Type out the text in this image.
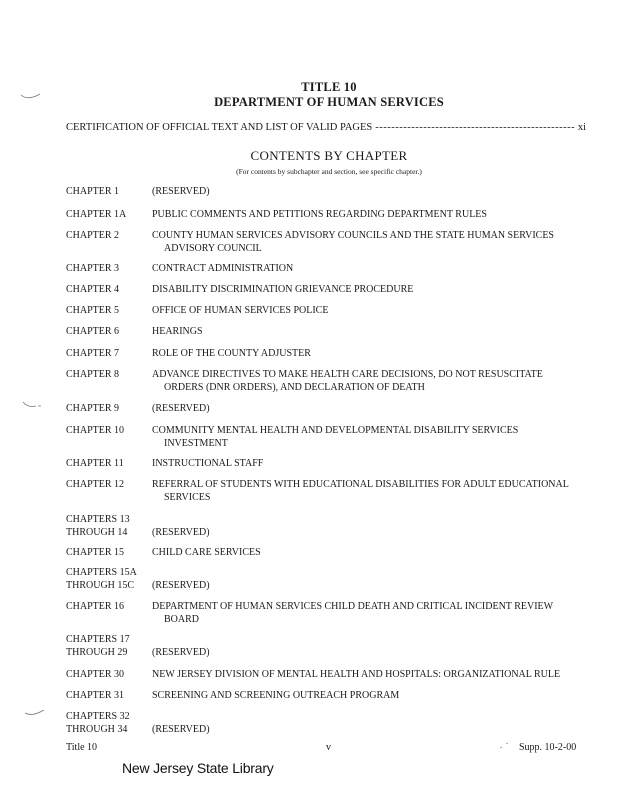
TITLE 10
DEPARTMENT OF HUMAN SERVICES
CERTIFICATION OF OFFICIAL TEXT AND LIST OF VALID PAGES
-----	xi
CONTENTS BY CHAPTER
(For contents by subchapter and section, see specific chapter.)
CHAPTER 1	(RESERVED)
CHAPTER 1A	PUBLIC COMMENTS AND PETITIONS REGARDING DEPARTMENT RULES
CHAPTER 2	COUNTY HUMAN SERVICES ADVISORY COUNCILS AND THE STATE HUMAN SERVICES
ADVISORY COUNCIL
CHAPTER 3	CONTRACT ADMINISTRATION
CHAPTER 4	DISABILITY DISCRIMINATION GRIEVANCE PROCEDURE
CHAPTER 5	OFFICE OF HUMAN SERVICES POLICE
CHAPTER 6	HEARINGS
CHAPTER 7	ROLE OF THE COUNTY ADJUSTER
CHAPTER 8	ADVANCE DIRECTIVES TO MAKE HEALTH CARE DECISIONS, DO NOT RESUSCITATE
ORDERS (DNR ORDERS), AND DECLARATION OF DEATH
CHAPTER 9	(RESERVED)
CHAPTER 10	COMMUNITY MENTAL HEALTH AND DEVELOPMENTAL DISABILITY SERVICES
INVESTMENT
CHAPTER 11	INSTRUCTIONAL STAFF
CHAPTER 12	REFERRAL OF STUDENTS WITH EDUCATIONAL DISABILITIES FOR ADULT EDUCATIONAL
SERVICES
CHAPTERS 13
THROUGH 14	(RESERVED)
CHAPTER 15	CHILD CARE SERVICES
CHAPTERS 15A
THROUGH 15C	(RESERVED)
CHAPTER 16	DEPARTMENT OF HUMAN SERVICES CHILD DEATH AND CRITICAL INCIDENT REVIEW
BOARD
CHAPTERS 17
THROUGH 29	(RESERVED)
CHAPTER 30	NEW JERSEY DIVISION OF MENTAL HEALTH AND HOSPITALS: ORGANIZATIONAL RULE
CHAPTER 31	SCREENING AND SCREENING OUTREACH PROGRAM
CHAPTERS 32
THROUGH 34	(RESERVED)
Title 10	v	Supp. 10-2-00
New Jersey State Library
